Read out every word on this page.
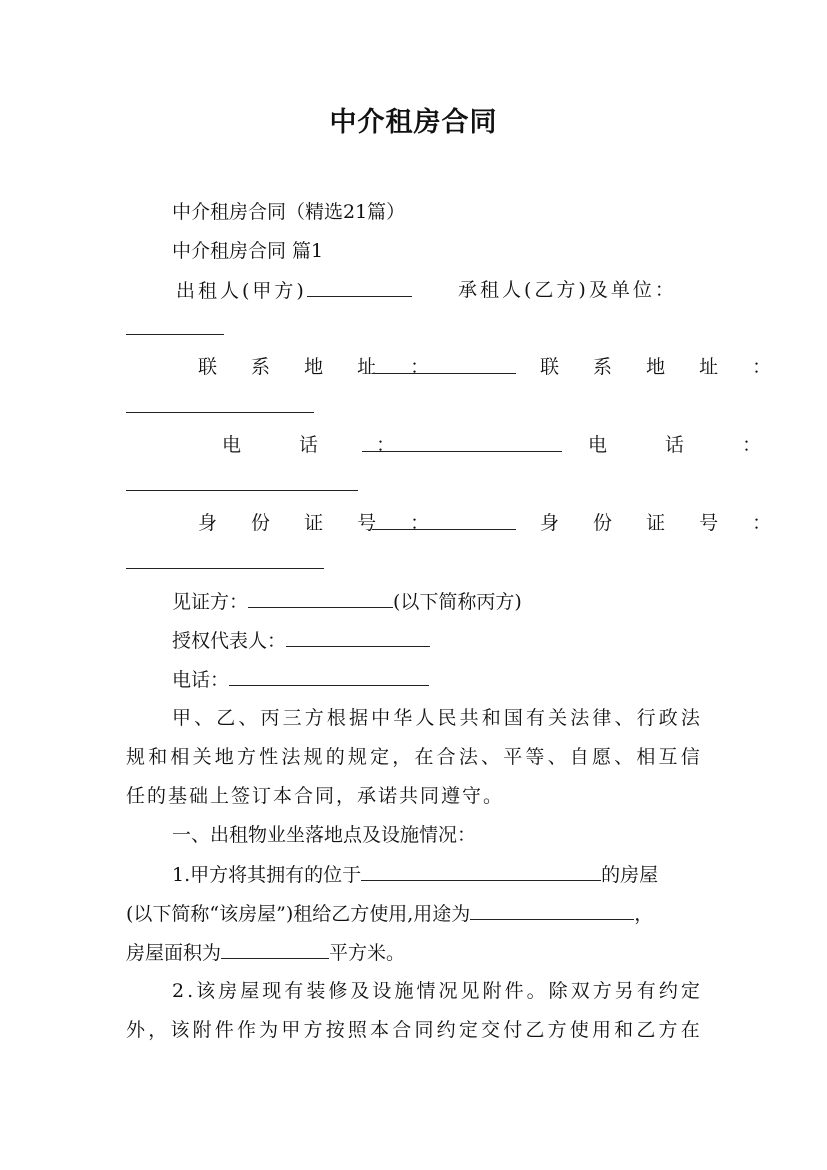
中介租房合同
中介租房合同（精选21篇）
中介租房合同 篇1
出租人(甲方)	承租人(乙方)及单位：
联 系 地 址 ：	联 系 地 址 ：
电 话 ：	电 话 ：
身 份 证 号 ：	身 份 证 号 ：
见证方：	(以下简称丙方)
授权代表人：
电话：
甲 、 乙 、 丙 三 方 根 据 中 华 人 民 共 和 国 有 关 法 律 、 行 政 法
规 和 相 关 地 方 性 法 规 的 规 定 ， 在 合 法 、 平 等 、 自 愿 、 相 互 信
任的基础上签订本合同，承诺共同遵守。
一、出租物业坐落地点及设施情况：
1.甲方将其拥有的位于	的房屋
(以下简称“该房屋”)租给乙方使用,用途为	，
房屋面积为	平方米。
2 . 该 房 屋 现 有 装 修 及 设 施 情 况 见 附 件 。 除 双 方 另 有 约 定
外 ， 该 附 件 作 为 甲 方 按 照 本 合 同 约 定 交 付 乙 方 使 用 和 乙 方 在
